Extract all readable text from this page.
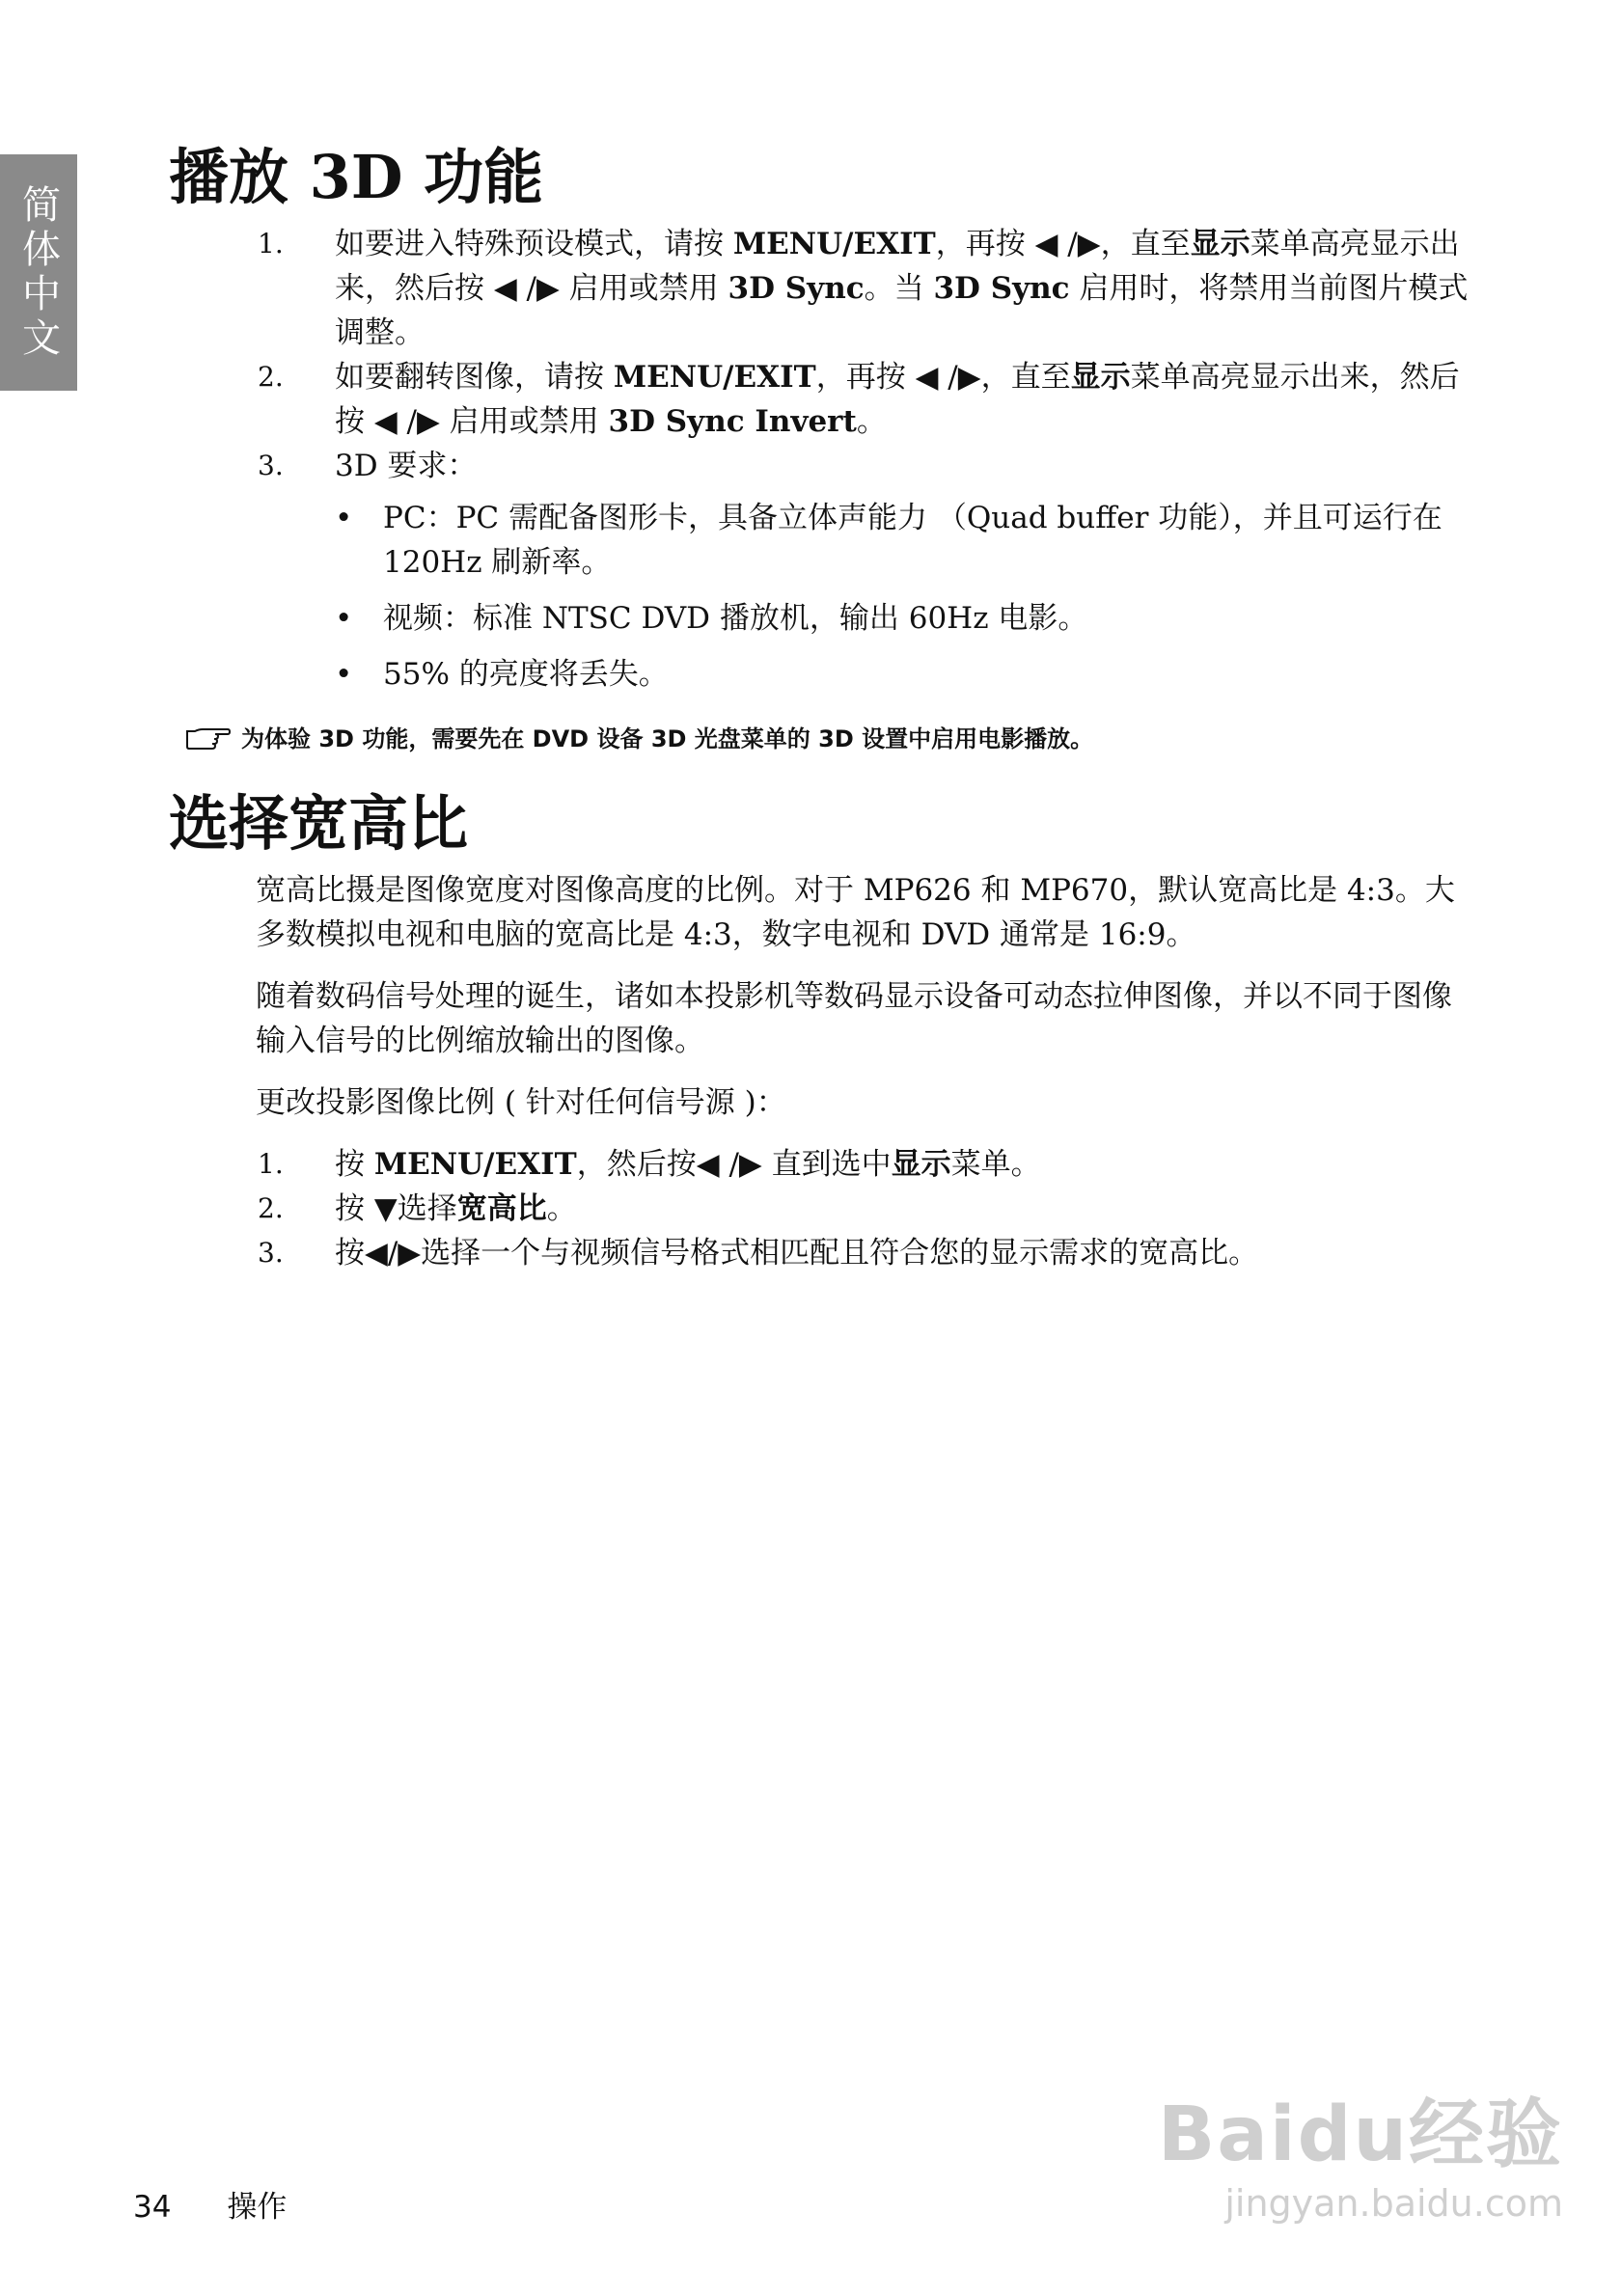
简体中文
播放 3D 功能
1. 如要进入特殊预设模式，请按 MENU/EXIT，再按 ◀ /▶，直至显示菜单高亮显示出来，然后按 ◀ /▶ 启用或禁用 3D Sync。当 3D Sync 启用时，将禁用当前图片模式调整。
2. 如要翻转图像，请按 MENU/EXIT，再按 ◀ /▶，直至显示菜单高亮显示出来，然后按 ◀ /▶ 启用或禁用 3D Sync Invert。
3. 3D 要求：
• PC：PC 需配备图形卡，具备立体声能力 （Quad buffer 功能），并且可运行在 120Hz 刷新率。
• 视频：标准 NTSC DVD 播放机，输出 60Hz 电影。
• 55% 的亮度将丢失。
为体验 3D 功能，需要先在 DVD 设备 3D 光盘菜单的 3D 设置中启用电影播放。
选择宽高比

宽高比摄是图像宽度对图像高度的比例。对于 MP626 和 MP670，默认宽高比是 4:3。大多数模拟电视和电脑的宽高比是 4:3，数字电视和 DVD 通常是 16:9。

随着数码信号处理的诞生，诸如本投影机等数码显示设备可动态拉伸图像，并以不同于图像输入信号的比例缩放输出的图像。

更改投影图像比例 ( 针对任何信号源 )：

1. 按 MENU/EXIT，然后按◀ /▶ 直到选中显示菜单。
2. 按 ▼选择宽高比。
3. 按◀/▶选择一个与视频信号格式相匹配且符合您的显示需求的宽高比。
Baidu经验
jingyan.baidu.com
34 操作
